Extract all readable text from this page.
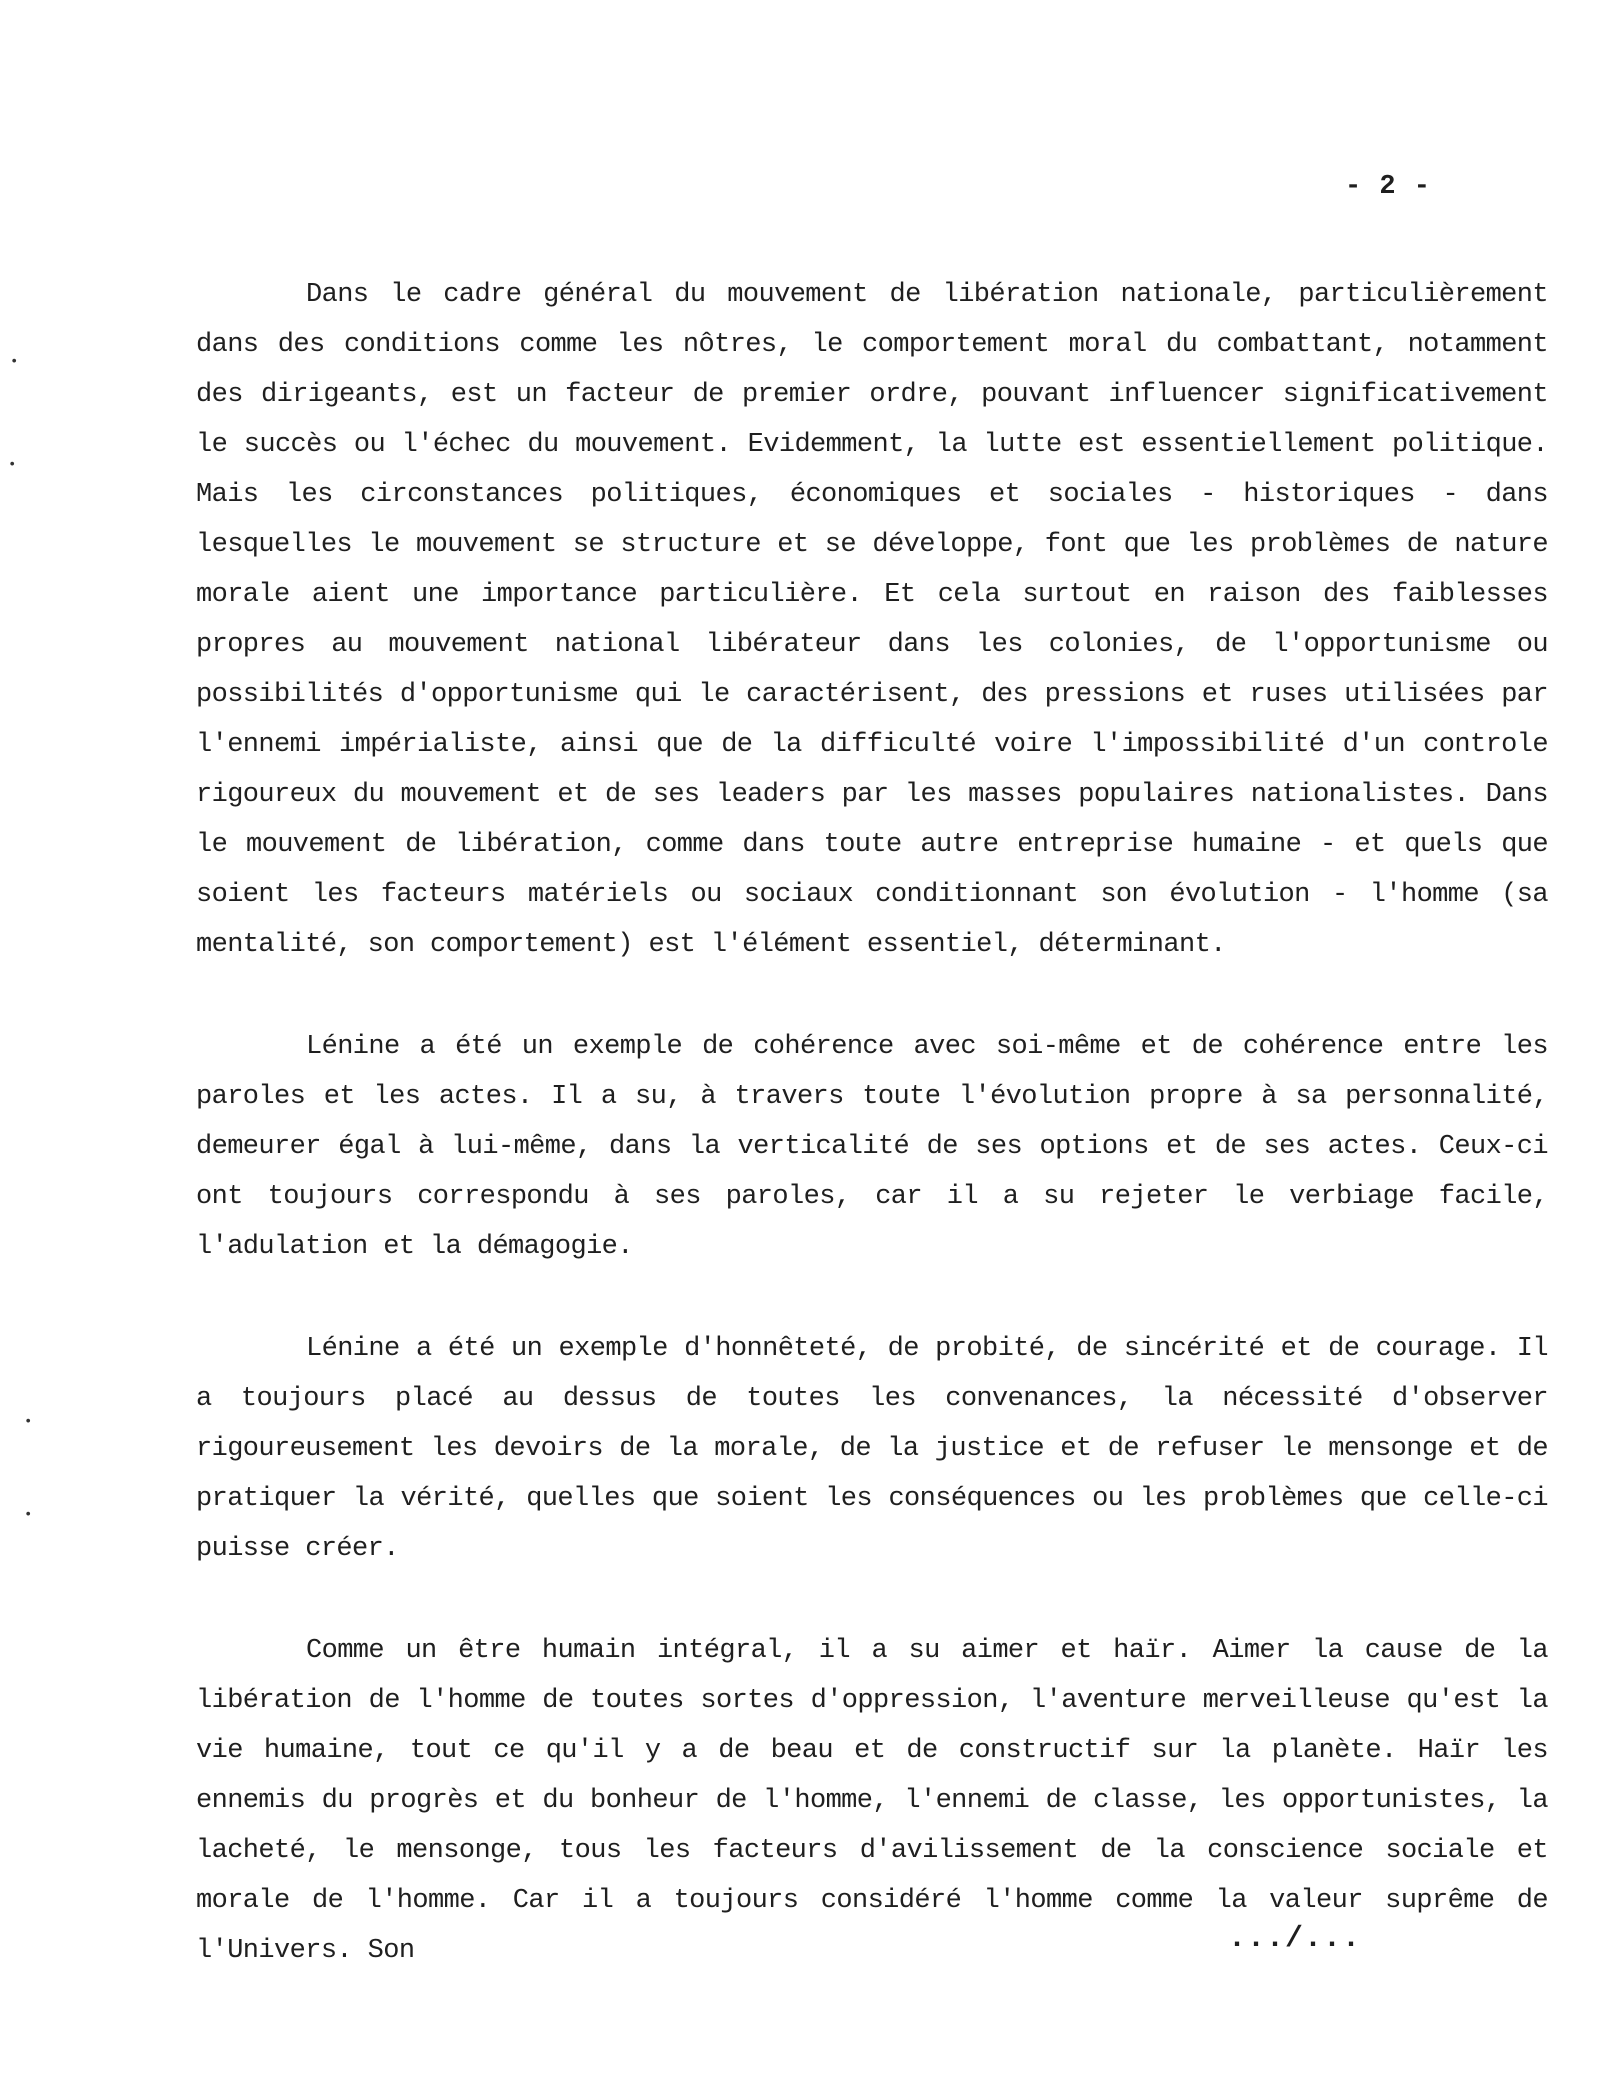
- 2 -
•
•
•
•

Dans le cadre général du mouvement de libération nationale, particulièrement dans des conditions comme les nôtres, le comportement moral du combattant, notamment des dirigeants, est un facteur de premier ordre, pouvant influencer significativement le succès ou l'échec du mouvement. Evidemment, la lutte est essentiellement politique. Mais les circonstances politiques, économiques et sociales - historiques - dans lesquelles le mouvement se structure et se développe, font que les problèmes de nature morale aient une importance particulière. Et cela surtout en raison des faiblesses propres au mouvement national libérateur dans les colonies, de l'opportunisme ou possibilités d'opportunisme qui le caractérisent, des pressions et ruses utilisées par l'ennemi impérialiste, ainsi que de la difficulté voire l'impossibilité d'un controle rigoureux du mouvement et de ses leaders par les masses populaires nationalistes. Dans le mouvement de libération, comme dans toute autre entreprise humaine - et quels que soient les facteurs matériels ou sociaux conditionnant son évolution - l'homme (sa mentalité, son comportement) est l'élément essentiel, déterminant.

Lénine a été un exemple de cohérence avec soi-même et de cohérence entre les paroles et les actes. Il a su, à travers toute l'évolution propre à sa personnalité, demeurer égal à lui-même, dans la verticalité de ses options et de ses actes. Ceux-ci ont toujours correspondu à ses paroles, car il a su rejeter le verbiage facile, l'adulation et la démagogie.

Lénine a été un exemple d'honnêteté, de probité, de sincérité et de courage. Il a toujours placé au dessus de toutes les convenances, la nécessité d'observer rigoureusement les devoirs de la morale, de la justice et de refuser le mensonge et de pratiquer la vérité, quelles que soient les conséquences ou les problèmes que celle-ci puisse créer.

Comme un être humain intégral, il a su aimer et haïr. Aimer la cause de la libération de l'homme de toutes sortes d'oppression, l'aventure merveilleuse qu'est la vie humaine, tout ce qu'il y a de beau et de constructif sur la planète. Haïr les ennemis du progrès et du bonheur de l'homme, l'ennemi de classe, les opportunistes, la lacheté, le mensonge, tous les facteurs d'avilissement de la conscience sociale et morale de l'homme. Car il a toujours considéré l'homme comme la valeur suprême de l'Univers. Son	.../...
